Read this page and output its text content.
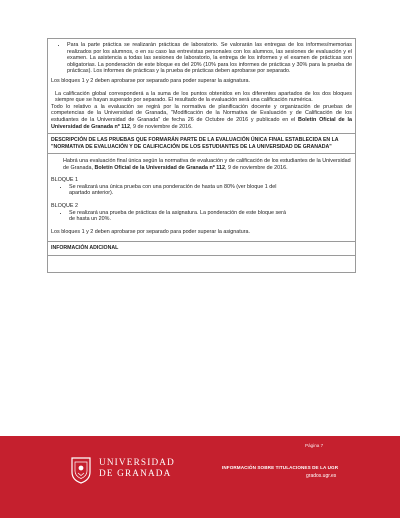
• Para la parte práctica se realizarán prácticas de laboratorio. Se valorarán las entregas de los informes/memorias realizados por los alumnos, o en su caso las entrevistas personales con los alumnos, las sesiones de evaluación y el examen. La asistencia a todas las sesiones de laboratorio, la entrega de los informes y el examen de prácticas son obligatorias. La ponderación de este bloque es del 20% (10% para los informes de prácticas y 30% para la prueba de prácticas). Los informes de prácticas y la prueba de prácticas deben aprobarse por separado.

Los bloques 1 y 2 deben aprobarse por separado para poder superar la asignatura.

La calificación global corresponderá a la suma de los puntos obtenidos en los diferentes apartados de los dos bloques siempre que se hayan superado por separado. El resultado de la evaluación será una calificación numérica.

Todo lo relativo a la evaluación se regirá por la normativa de planificación docente y organización de pruebas de competencias de la Universidad de Granada, "Modificación de la Normativa de Evaluación y de Calificación de los estudiantes de la Universidad de Granada" de fecha 26 de Octubre de 2016 y publicado en el Boletín Oficial de la Universidad de Granada nº 112, 9 de noviembre de 2016.

DESCRIPCIÓN DE LAS PRUEBAS QUE FORMARÁN PARTE DE LA EVALUACIÓN ÚNICA FINAL ESTABLECIDA EN LA "NORMATIVA DE EVALUACIÓN Y DE CALIFICACIÓN DE LOS ESTUDIANTES DE LA UNIVERSIDAD DE GRANADA"

Habrá una evaluación final única según la normativa de evaluación y de calificación de los estudiantes de la Universidad de Granada, Boletín Oficial de la Universidad de Granada nº 112, 9 de noviembre de 2016.

BLOQUE 1

• Se realizará una única prueba con una ponderación de hasta un 80% (ver bloque 1 del apartado anterior).

BLOQUE 2

• Se realizará una prueba de prácticas de la asignatura. La ponderación de este bloque será de hasta un 20%.

Los bloques 1 y 2 deben aprobarse por separado para poder superar la asignatura.

INFORMACIÓN ADICIONAL

UNIVERSIDAD
DE GRANADA
Página 7
INFORMACIÓN SOBRE TITULACIONES DE LA UGR
grados.ugr.es
